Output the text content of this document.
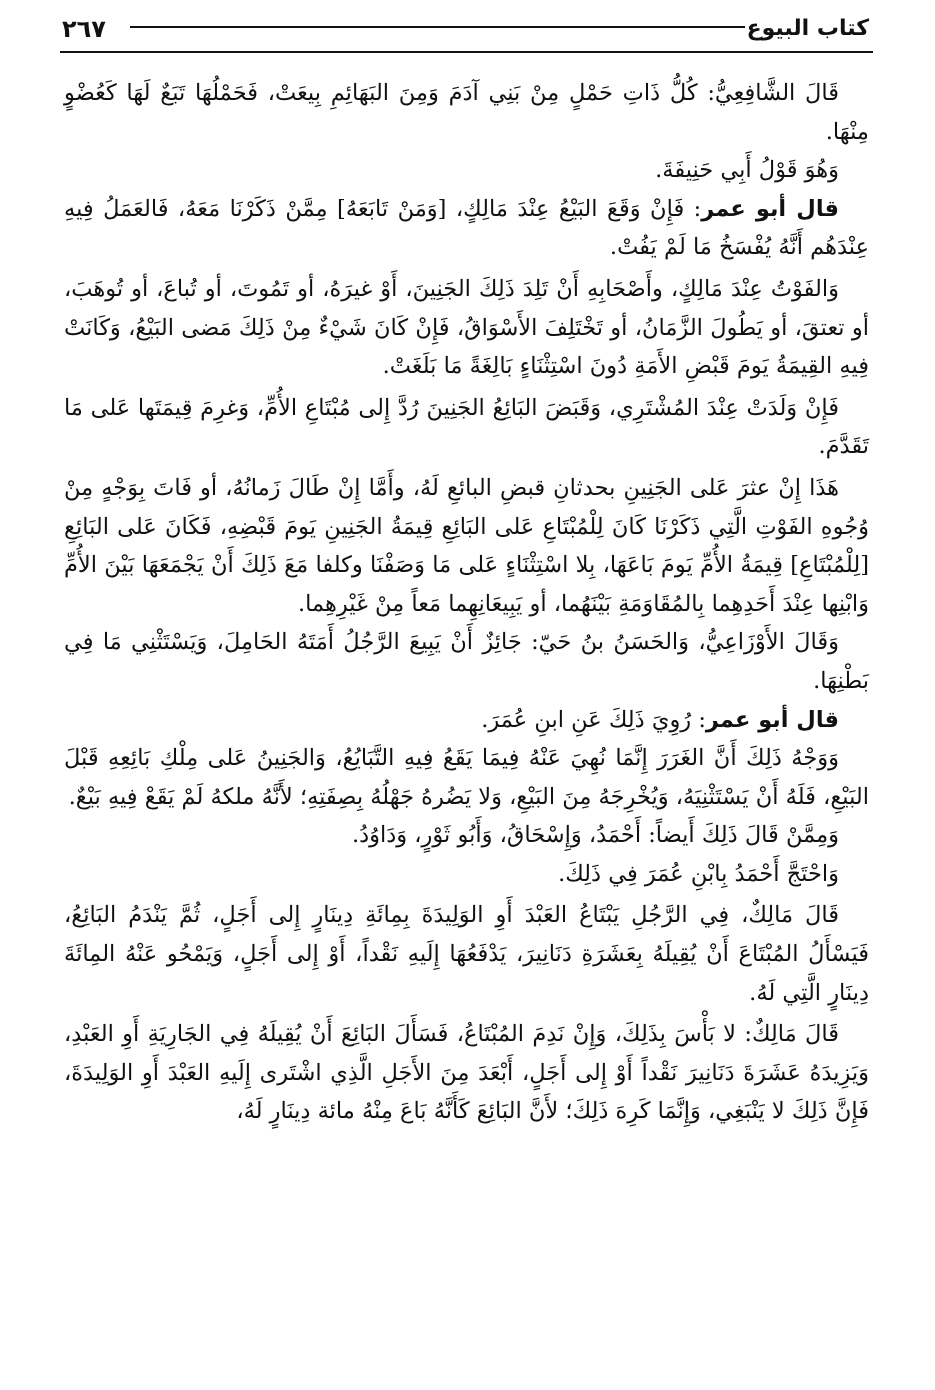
كتاب البيوع
٢٦٧

قَالَ الشَّافِعِيُّ: كُلُّ ذَاتِ حَمْلٍ مِنْ بَنِي آدَمَ وَمِنَ البَهَائِمِ بِيعَتْ، فَحَمْلُهَا تَبَعٌ لَهَا كَعُضْوٍ مِنْهَا.

وَهُوَ قَوْلُ أَبِي حَنِيفَةَ.

قال أبو عمر: فَإِنْ وَقَعَ البَيْعُ عِنْدَ مَالِكٍ، [وَمَنْ تَابَعَهُ] مِمَّنْ ذَكَرْنَا مَعَهُ، فَالعَمَلُ فِيهِ عِنْدَهُم أَنَّهُ يُفْسَخُ مَا لَمْ يَفُتْ.

وَالفَوْتُ عِنْدَ مَالِكٍ، وأَصْحَابِهِ أَنْ تَلِدَ ذَلِكَ الجَنِينَ، أَوْ غيرَهُ، أو تَمُوتَ، أو تُباعَ، أو تُوهَبَ، أو تعتقَ، أو يَطُولَ الزَّمَانُ، أو تَخْتَلِفَ الأَسْوَاقُ، فَإِنْ كَانَ شَيْءٌ مِنْ ذَلِكَ مَضى البَيْعُ، وَكَانَتْ فِيهِ القِيمَةُ يَومَ قَبْضِ الأَمَةِ دُونَ اسْتِثْنَاءٍ بَالِغَةً مَا بَلَغَتْ.

فَإِنْ وَلَدَتْ عِنْدَ المُشْتَرِي، وَقَبَضَ البَائِعُ الجَنِينَ رُدَّ إِلى مُبْتَاعِ الأُمِّ، وَغرِمَ قِيمَتَها عَلى مَا تَقَدَّمَ.

هَذَا إِنْ عثرَ عَلى الجَنِينِ بحدثانِ قبضِ البائعِ لَهُ، وأَمَّا إِنْ طَالَ زَمانُهُ، أو فَاتَ بِوَجْهٍ مِنْ وُجُوهِ الفَوْتِ الَّتِي ذَكَرْنَا كَانَ لِلْمُبْتَاعِ عَلى البَائِعِ قِيمَةُ الجَنِينِ يَومَ قَبْضِهِ، فَكَانَ عَلى البَائِعِ [لِلْمُبْتَاعِ] قِيمَةُ الأُمِّ يَومَ بَاعَهَا، بِلا اسْتِثْنَاءٍ عَلى مَا وَصَفْنَا وكلفا مَعَ ذَلِكَ أَنْ يَجْمَعَهَا بَيْنَ الأُمِّ وَابْنِها عِنْدَ أَحَدِهِما بِالمُقَاوَمَةِ بَيْنَهُما، أو يَبِيعَانِهِما مَعاً مِنْ غَيْرِهِما.

وَقَالَ الأَوْزَاعِيُّ، وَالحَسَنُ بنُ حَيّ: جَائِزٌ أَنْ يَبِيعَ الرَّجُلُ أَمَتَهُ الحَامِلَ، وَيَسْتَثْنِي مَا فِي بَطْنِهَا.

قال أبو عمر: رُوِيَ ذَلِكَ عَنِ ابنِ عُمَرَ.

وَوَجْهُ ذَلِكَ أَنَّ الغَرَرَ إِنَّمَا نُهِيَ عَنْهُ فِيمَا يَقَعُ فِيهِ التَّبَايُعُ، وَالجَنِينُ عَلى مِلْكِ بَائِعِهِ قَبْلَ البَيْعِ، فَلَهُ أَنْ يَسْتَثْنِيَهُ، وَيُخْرِجَهُ مِنَ البَيْعِ، وَلا يَضُرهُ جَهْلُهُ بِصِفَتِهِ؛ لأَنَّهُ ملكهُ لَمْ يَقَعْ فِيهِ بَيْعٌ.

وَمِمَّنْ قَالَ ذَلِكَ أَيضاً: أَحْمَدُ، وَإِسْحَاقُ، وَأَبُو ثَوْرٍ، وَدَاوُدُ.

وَاحْتَجَّ أَحْمَدُ بِابْنِ عُمَرَ فِي ذَلِكَ.

قَالَ مَالِكٌ، فِي الرَّجُلِ يَبْتَاعُ العَبْدَ أَوِ الوَلِيدَةَ بِمِائَةِ دِينَارٍ إِلى أَجَلٍ، ثُمَّ يَنْدَمُ البَائِعُ، فَيَسْأَلُ المُبْتَاعَ أَنْ يُقِيلَهُ بِعَشَرَةِ دَنَانِيرَ، يَدْفَعُهَا إِلَيهِ نَقْداً، أَوْ إِلى أَجَلٍ، وَيَمْحُو عَنْهُ المِائَةَ دِينَارٍ الَّتِي لَهُ.

قَالَ مَالِكٌ: لا بَأْسَ بِذَلِكَ، وَإِنْ نَدِمَ المُبْتَاعُ، فَسَأَلَ البَائِعَ أَنْ يُقِيلَهُ فِي الجَارِيَةِ أَوِ العَبْدِ، وَيَزِيدَهُ عَشَرَةَ دَنَانِيرَ نَقْداً أَوْ إِلى أَجَلٍ، أَبْعَدَ مِنَ الأَجَلِ الَّذِي اشْتَرى إِلَيهِ العَبْدَ أَوِ الوَلِيدَةَ، فَإِنَّ ذَلِكَ لا يَنْبَغِي، وَإِنَّمَا كَرِهَ ذَلِكَ؛ لأَنَّ البَائِعَ كَأَنَّهُ بَاعَ مِنْهُ مائة دِينَارٍ لَهُ،
